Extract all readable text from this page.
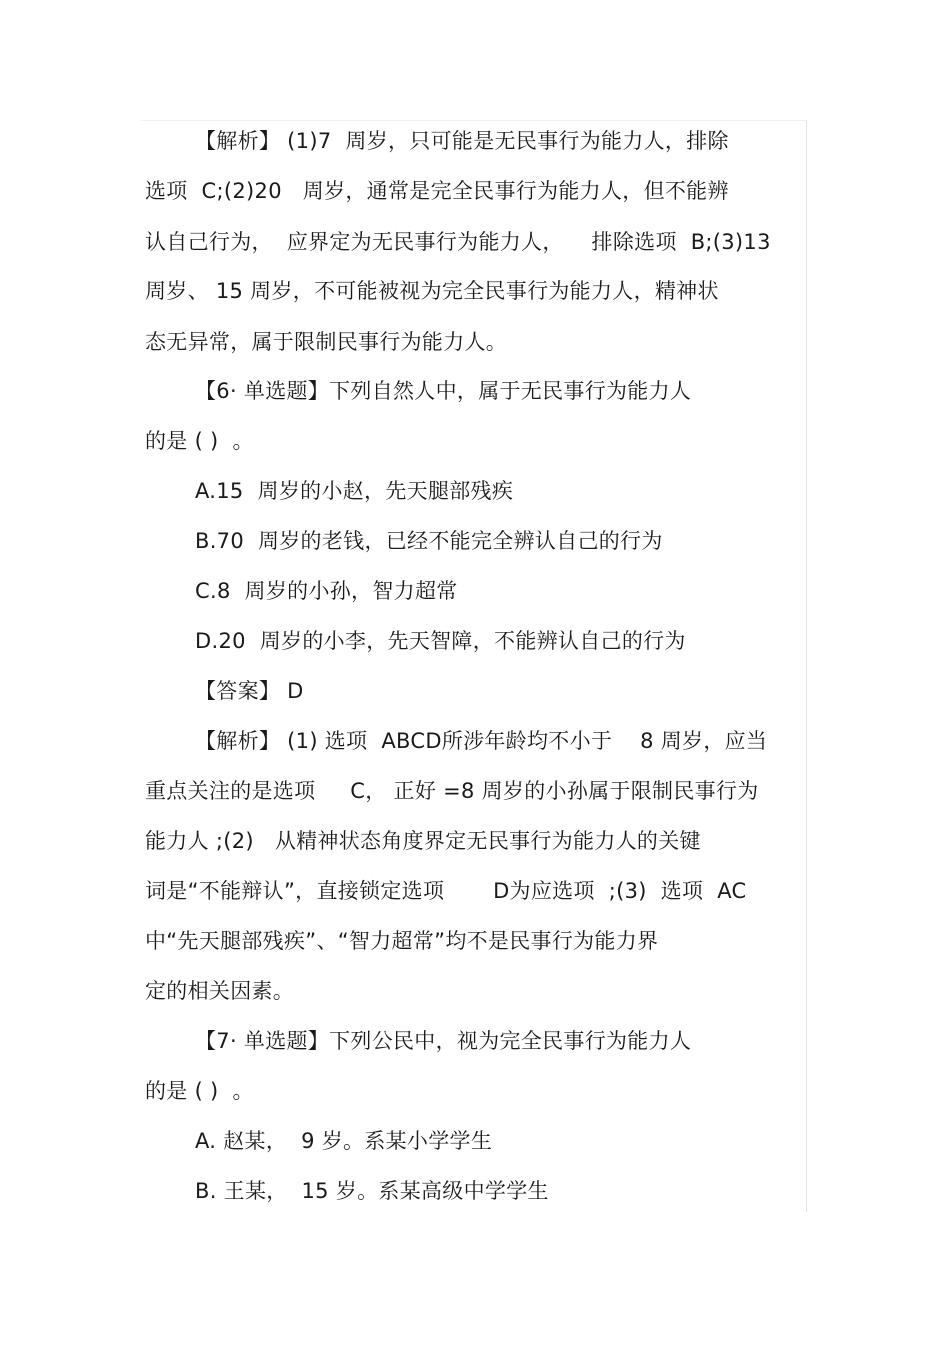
【解析】 (1)7  周岁，只可能是无民事行为能力人，排除
选项  C;(2)20   周岁，通常是完全民事行为能力人，但不能辨
认自己行为，  应界定为无民事行为能力人，    排除选项  B;(3)13
周岁、 15 周岁，不可能被视为完全民事行为能力人，精神状
态无异常，属于限制民事行为能力人。
【6· 单选题】下列自然人中，属于无民事行为能力人
的是 ( )  。
A.15  周岁的小赵，先天腿部残疾
B.70  周岁的老钱，已经不能完全辨认自己的行为
C.8  周岁的小孙，智力超常
D.20  周岁的小李，先天智障，不能辨认自己的行为
【答案】 D
【解析】 (1) 选项  ABCD所涉年龄均不小于    8 周岁，应当
重点关注的是选项     C， 正好 =8 周岁的小孙属于限制民事行为
能力人 ;(2)   从精神状态角度界定无民事行为能力人的关键
词是“不能辩认”，直接锁定选项       D为应选项  ;(3)  选项  AC
中“先天腿部残疾”、“智力超常”均不是民事行为能力界
定的相关因素。
【7· 单选题】下列公民中，视为完全民事行为能力人
的是 ( )  。
A. 赵某，  9 岁。系某小学学生
B. 王某，  15 岁。系某高级中学学生
